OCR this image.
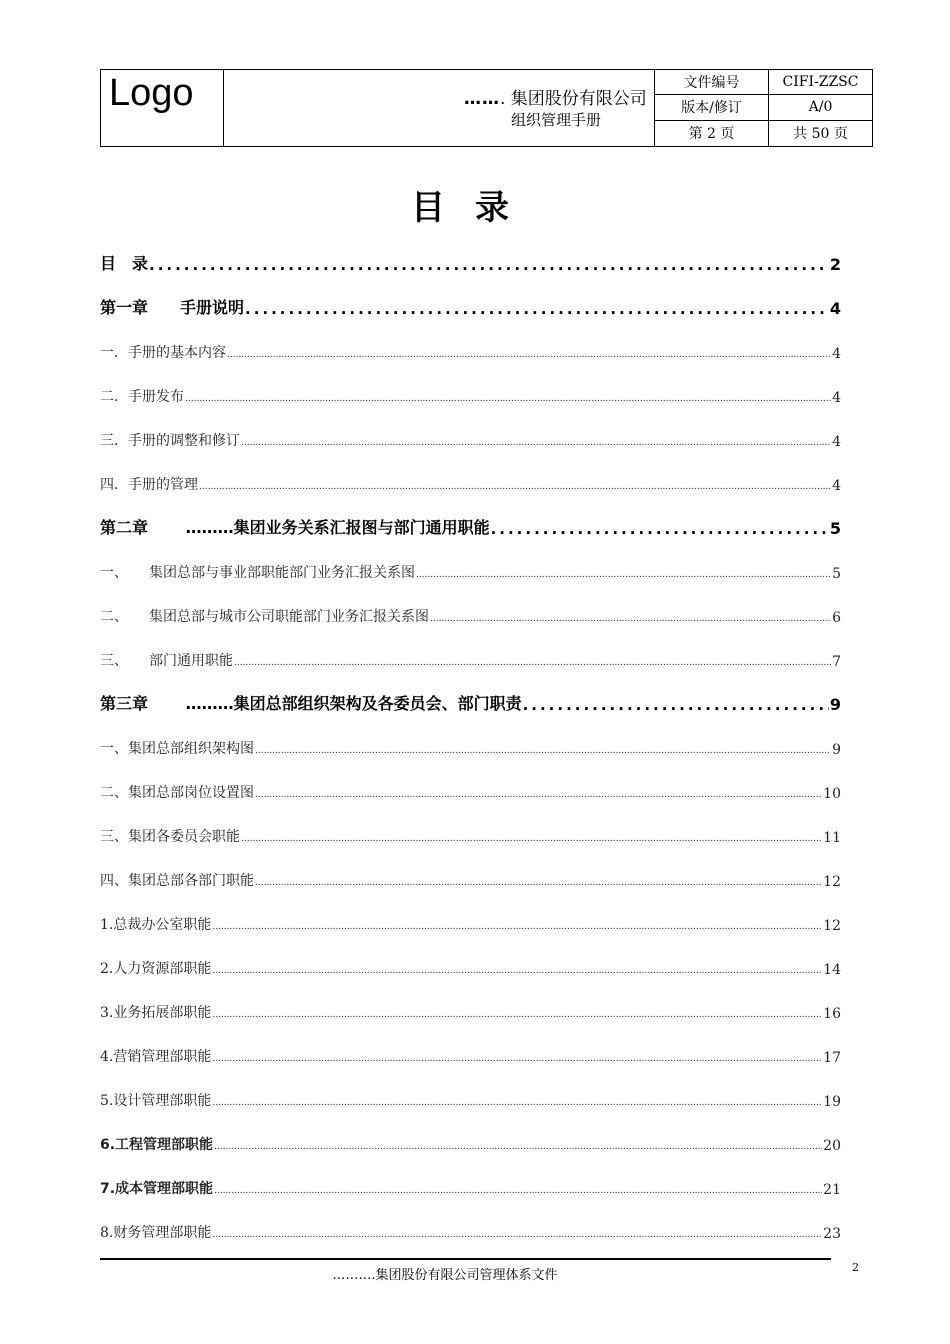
Logo	……. 集团股份有限公司
组织管理手册
文件编号	CIFI-ZZSC
版本/修订	A/0
第 2 页	共 50 页
目录
目　录 .....	2
第一章　　手册说明 .....	4
一．手册的基本内容 .....	4
二．手册发布 .....	4
三．手册的调整和修订 .....	4
四．手册的管理 .....	4
第二章　　 ………集团业务关系汇报图与部门通用职能 .....	5
一、　　集团总部与事业部职能部门业务汇报关系图 .....	5
二、　　集团总部与城市公司职能部门业务汇报关系图 .....	6
三、　　部门通用职能 .....	7
第三章　　 ………集团总部组织架构及各委员会、部门职责 .....	9
一、集团总部组织架构图 .....	9
二、集团总部岗位设置图 .....	10
三、集团各委员会职能 .....	11
四、集团总部各部门职能 .....	12
1.总裁办公室职能 .....	12
2.人力资源部职能 .....	14
3.业务拓展部职能 .....	16
4.营销管理部职能 .....	17
5.设计管理部职能 .....	19
6.工程管理部职能 .....	20
7.成本管理部职能 .....	21
8.财务管理部职能 .....	23
……….集团股份有限公司管理体系文件
2
